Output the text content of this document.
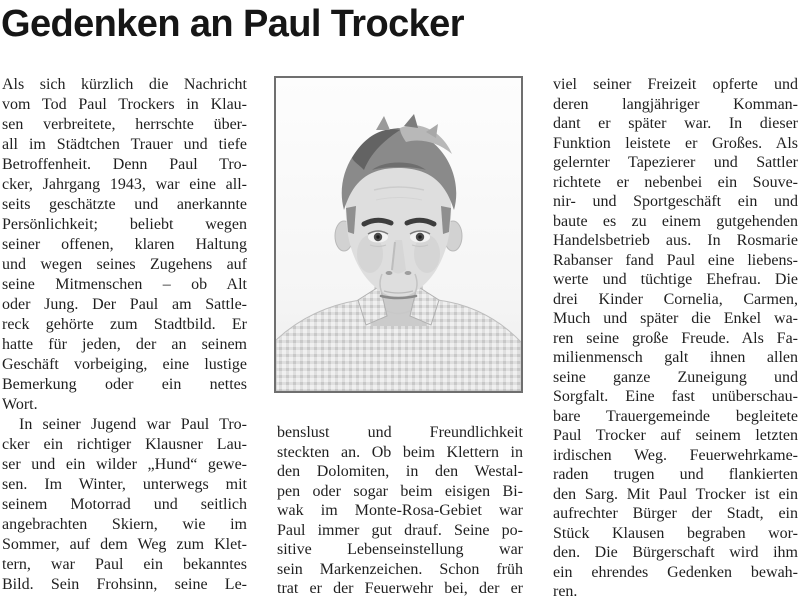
Gedenken an Paul Trocker
Als sich kürzlich die Nachricht
vom Tod Paul Trockers in Klau-
sen verbreitete, herrschte über-
all im Städtchen Trauer und tiefe
Betroffenheit. Denn Paul Tro-
cker, Jahrgang 1943, war eine all-
seits geschätzte und anerkannte
Persönlichkeit; beliebt wegen
seiner offenen, klaren Haltung
und wegen seines Zugehens auf
seine Mitmenschen – ob Alt
oder Jung. Der Paul am Sattle-
reck gehörte zum Stadtbild. Er
hatte für jeden, der an seinem
Geschäft vorbeiging, eine lustige
Bemerkung oder ein nettes
Wort.
In seiner Jugend war Paul Tro-
cker ein richtiger Klausner Lau-
ser und ein wilder „Hund“ gewe-
sen. Im Winter, unterwegs mit
seinem Motorrad und seitlich
angebrachten Skiern, wie im
Sommer, auf dem Weg zum Klet-
tern, war Paul ein bekanntes
Bild. Sein Frohsinn, seine Le-
benslust und Freundlichkeit
steckten an. Ob beim Klettern in
den Dolomiten, in den Westal-
pen oder sogar beim eisigen Bi-
wak im Monte-Rosa-Gebiet war
Paul immer gut drauf. Seine po-
sitive Lebenseinstellung war
sein Markenzeichen. Schon früh
trat er der Feuerwehr bei, der er
viel seiner Freizeit opferte und
deren langjähriger Komman-
dant er später war. In dieser
Funktion leistete er Großes. Als
gelernter Tapezierer und Sattler
richtete er nebenbei ein Souve-
nir- und Sportgeschäft ein und
baute es zu einem gutgehenden
Handelsbetrieb aus. In Rosmarie
Rabanser fand Paul eine liebens-
werte und tüchtige Ehefrau. Die
drei Kinder Cornelia, Carmen,
Much und später die Enkel wa-
ren seine große Freude. Als Fa-
milienmensch galt ihnen allen
seine ganze Zuneigung und
Sorgfalt. Eine fast unüberschau-
bare Trauergemeinde begleitete
Paul Trocker auf seinem letzten
irdischen Weg. Feuerwehrkame-
raden trugen und flankierten
den Sarg. Mit Paul Trocker ist ein
aufrechter Bürger der Stadt, ein
Stück Klausen begraben wor-
den. Die Bürgerschaft wird ihm
ein ehrendes Gedenken bewah-
ren.
